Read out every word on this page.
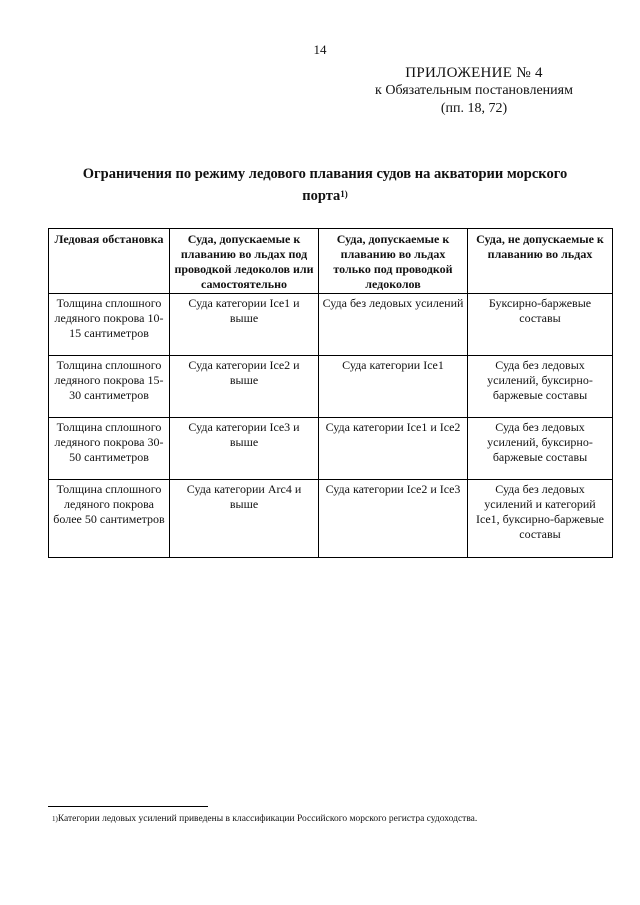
14
ПРИЛОЖЕНИЕ № 4
к Обязательным постановлениям
(пп. 18, 72)
Ограничения по режиму ледового плавания судов на акватории морского порта$^{1)}$
Ледовая обстановка	Суда, допускаемые к плаванию во льдах под проводкой ледоколов или самостоятельно	Суда, допускаемые к плаванию во льдах только под проводкой ледоколов	Суда, не допускаемые к плаванию во льдах
Толщина сплошного ледяного покрова 10-15 сантиметров	Суда категории Ice1 и выше	Суда без ледовых усилений	Буксирно-баржевые составы
Толщина сплошного ледяного покрова 15-30 сантиметров	Суда категории Ice2 и выше	Суда категории Ice1	Суда без ледовых усилений, буксирно-баржевые составы
Толщина сплошного ледяного покрова 30-50 сантиметров	Суда категории Ice3 и выше	Суда категории Ice1 и Ice2	Суда без ледовых усилений, буксирно-баржевые составы
Толщина сплошного ледяного покрова более 50 сантиметров	Суда категории Arc4 и выше	Суда категории Ice2 и Ice3	Суда без ледовых усилений и категорий Ice1, буксирно-баржевые составы
$^{1)}$Категории ледовых усилений приведены в классификации Российского морского регистра судоходства.
